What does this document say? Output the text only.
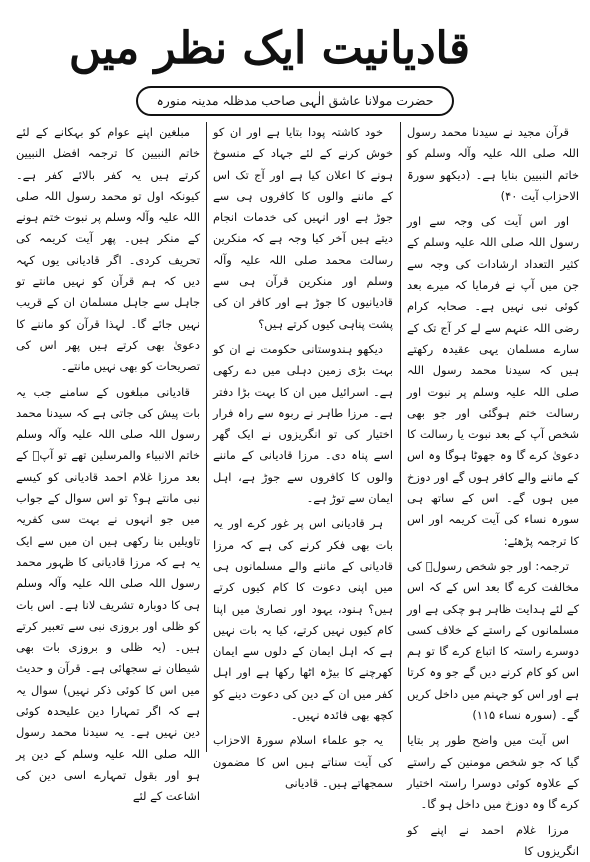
قادیانیت ایک نظر میں
حضرت مولانا عاشق الٰہی صاحب مدظلہ مدینہ منورہ

قرآن مجید نے سیدنا محمد رسول اللہ صلی اللہ علیہ وآلہ وسلم کو خاتم النبیین بنایا ہے۔ (دیکھو سورۃ الاحزاب آیت ۴۰)

اور اس آیت کی وجہ سے اور رسول اللہ صلی اللہ علیہ وسلم کے کثیر التعداد ارشادات کی وجہ سے جن میں آپ نے فرمایا کہ میرے بعد کوئی نبی نہیں ہے۔ صحابہ کرام رضی اللہ عنہم سے لے کر آج تک کے سارے مسلمان یہی عقیدہ رکھتے ہیں کہ سیدنا محمد رسول اللہ صلی اللہ علیہ وسلم پر نبوت اور رسالت ختم ہوگئی اور جو بھی شخص آپ کے بعد نبوت یا رسالت کا دعویٰ کرے گا وہ جھوٹا ہوگا وہ اس کے ماننے والے کافر ہوں گے اور دوزخ میں ہوں گے۔ اس کے ساتھ ہی سورہ نساء کی آیت کریمہ اور اس کا ترجمہ پڑھئے:

ترجمہ: اور جو شخص رسولؐ کی مخالفت کرے گا بعد اس کے کہ اس کے لئے ہدایت ظاہر ہو چکی ہے اور مسلمانوں کے راستے کے خلاف کسی دوسرے راستہ کا اتباع کرے گا تو ہم اس کو کام کرنے دیں گے جو وہ کرتا ہے اور اس کو جہنم میں داخل کریں گے۔ (سورہ نساء ۱۱۵)

اس آیت میں واضح طور پر بتایا گیا کہ جو شخص مومنین کے راستے کے علاوہ کوئی دوسرا راستہ اختیار کرے گا وہ دوزخ میں داخل ہو گا۔

مرزا غلام احمد نے اپنے کو انگریزوں کا

خود کاشتہ پودا بتایا ہے اور ان کو خوش کرنے کے لئے جہاد کے منسوخ ہونے کا اعلان کیا ہے اور آج تک اس کے ماننے والوں کا کافروں ہی سے جوڑ ہے اور انہیں کی خدمات انجام دیتے ہیں آخر کیا وجہ ہے کہ منکرین رسالت محمد صلی اللہ علیہ وآلہ وسلم اور منکرین قرآن ہی سے قادیانیوں کا جوڑ ہے اور کافر ان کی پشت پناہی کیوں کرتے ہیں؟

دیکھو ہندوستانی حکومت نے ان کو بہت بڑی زمین دہلی میں دے رکھی ہے۔ اسرائیل میں ان کا بہت بڑا دفتر ہے۔ مرزا طاہر نے ربوہ سے راہ فرار اختیار کی تو انگریزوں نے ایک گھر اسے پناہ دی۔ مرزا قادیانی کے ماننے والوں کا کافروں سے جوڑ ہے، اہل ایمان سے توڑ ہے۔

ہر قادیانی اس پر غور کرے اور یہ بات بھی فکر کرنے کی ہے کہ مرزا قادیانی کے ماننے والے مسلمانوں ہی میں اپنی دعوت کا کام کیوں کرتے ہیں؟ ہنود، یہود اور نصاریٰ میں اپنا کام کیوں نہیں کرتے، کیا یہ بات نہیں ہے کہ اہل ایمان کے دلوں سے ایمان کھرچنے کا بیڑہ اٹھا رکھا ہے اور اہل کفر میں ان کے دین کی دعوت دینے کو کچھ بھی فائدہ نہیں۔

یہ جو علماء اسلام سورۃ الاحزاب کی آیت سناتے ہیں اس کا مضمون سمجھاتے ہیں۔ قادیانی

مبلغین اپنے عوام کو بہکانے کے لئے خاتم النبیین کا ترجمہ افضل النبیین کرتے ہیں یہ کفر بالائے کفر ہے۔ کیونکہ اول تو محمد رسول اللہ صلی اللہ علیہ وآلہ وسلم پر نبوت ختم ہونے کے منکر ہیں۔ پھر آیت کریمہ کی تحریف کردی۔ اگر قادیانی یوں کہہ دیں کہ ہم قرآن کو نہیں مانتے تو جاہل سے جاہل مسلمان ان کے قریب نہیں جائے گا۔ لہذا قرآن کو ماننے کا دعویٰ بھی کرتے ہیں پھر اس کی تصریحات کو بھی نہیں مانتے۔

قادیانی مبلغوں کے سامنے جب یہ بات پیش کی جاتی ہے کہ سیدنا محمد رسول اللہ صلی اللہ علیہ وآلہ وسلم خاتم الانبیاء والمرسلین تھے تو آپؐ کے بعد مرزا غلام احمد قادیانی کو کیسے نبی مانتے ہو؟ تو اس سوال کے جواب میں جو انہوں نے بہت سی کفریہ تاویلیں بنا رکھی ہیں ان میں سے ایک یہ ہے کہ مرزا قادیانی کا ظہور محمد رسول اللہ صلی اللہ علیہ وآلہ وسلم ہی کا دوبارہ تشریف لانا ہے۔ اس بات کو ظلی اور بروزی نبی سے تعبیر کرتے ہیں۔ (یہ ظلی و بروزی بات بھی شیطان نے سجھائی ہے۔ قرآن و حدیث میں اس کا کوئی ذکر نہیں) سوال یہ ہے کہ اگر تمہارا دین علیحدہ کوئی دین نہیں ہے۔ یہ سیدنا محمد رسول اللہ صلی اللہ علیہ وسلم کے دین پر ہو اور بقول تمہارے اسی دین کی اشاعت کے لئے
